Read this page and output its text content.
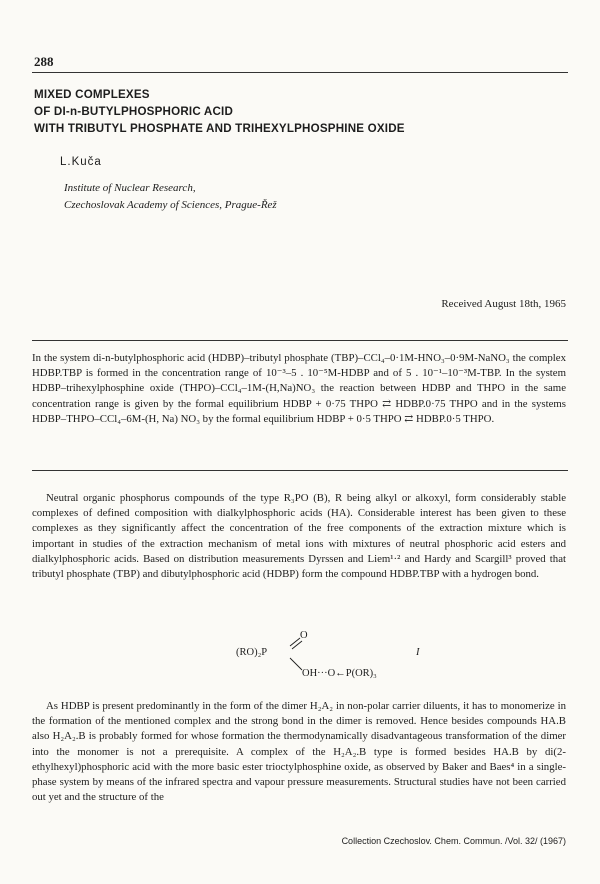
288
MIXED COMPLEXES
OF DI-n-BUTYLPHOSPHORIC ACID
WITH TRIBUTYL PHOSPHATE AND TRIHEXYLPHOSPHINE OXIDE
L.Kuča
Institute of Nuclear Research,
Czechoslovak Academy of Sciences, Prague-Řež
Received August 18th, 1965

In the system di-n-butylphosphoric acid (HDBP)–tributyl phosphate (TBP)–CCl₄–0·1M-HNO₃–0·9M-NaNO₃ the complex HDBP.TBP is formed in the concentration range of 10⁻³–5 . 10⁻⁵M-HDBP and of 5 . 10⁻¹–10⁻³M-TBP. In the system HDBP–trihexylphosphine oxide (THPO)–CCl₄–1M-(H,Na)NO₃ the reaction between HDBP and THPO in the same concentration range is given by the formal equilibrium HDBP + 0·75 THPO ⇄ HDBP.0·75 THPO and in the systems HDBP–THPO–CCl₄–6M-(H, Na) NO₃ by the formal equilibrium HDBP + 0·5 THPO ⇄ HDBP.0·5 THPO.

Neutral organic phosphorus compounds of the type R₃PO (B), R being alkyl or alkoxyl, form considerably stable complexes of defined composition with dialkylphosphoric acids (HA). Considerable interest has been given to these complexes as they significantly affect the concentration of the free components of the extraction mixture which is important in studies of the extraction mechanism of metal ions with mixtures of neutral phosphoric acid esters and dialkylphosphoric acids. Based on distribution measurements Dyrssen and Liem¹·² and Hardy and Scargill³ proved that tributyl phosphate (TBP) and dibutylphosphoric acid (HDBP) form the compound HDBP.TBP with a hydrogen bond.

O
(RO)₂P
OH···O←P(OR)₃
I

As HDBP is present predominantly in the form of the dimer H₂A₂ in non-polar carrier diluents, it has to monomerize in the formation of the mentioned complex and the strong bond in the dimer is removed. Hence besides compounds HA.B also H₂A₂.B is probably formed for whose formation the thermodynamically disadvantageous transformation of the dimer into the monomer is not a prerequisite. A complex of the H₂A₂.B type is formed besides HA.B by di(2-ethylhexyl)phosphoric acid with the more basic ester trioctylphosphine oxide, as observed by Baker and Baes⁴ in a single-phase system by means of the infrared spectra and vapour pressure measurements. Structural studies have not been carried out yet and the structure of the

Collection Czechoslov. Chem. Commun. /Vol. 32/ (1967)
